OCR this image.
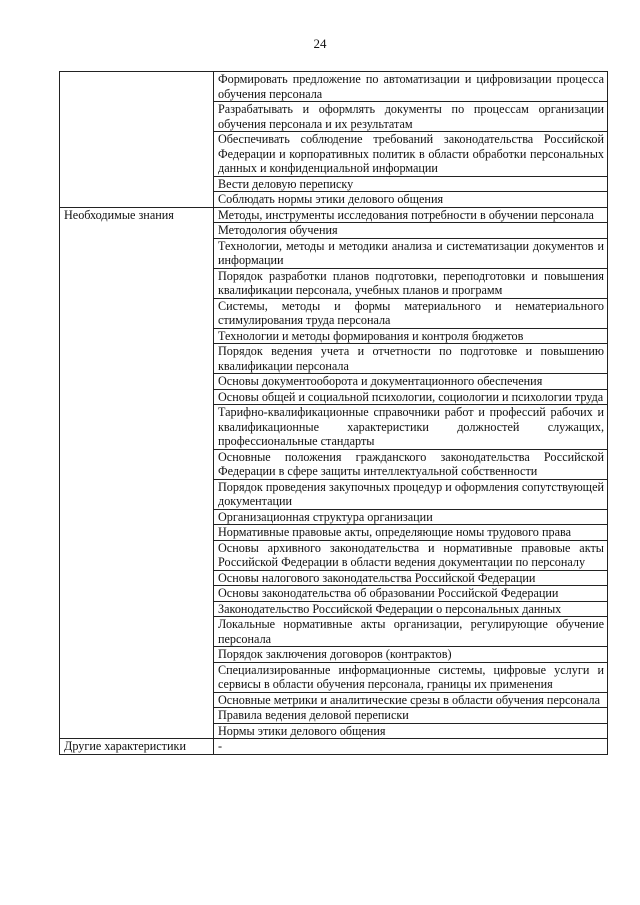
24
	Формировать предложение по автоматизации и цифровизации процесса обучения персонала
	Разрабатывать и оформлять документы по процессам организации обучения персонала и их результатам
	Обеспечивать соблюдение требований законодательства Российской Федерации и корпоративных политик в области обработки персональных данных и конфиденциальной информации
	Вести деловую переписку
	Соблюдать нормы этики делового общения
Необходимые знания	Методы, инструменты исследования потребности в обучении персонала
	Методология обучения
	Технологии, методы и методики анализа и систематизации документов и информации
	Порядок разработки планов подготовки, переподготовки и повышения квалификации персонала, учебных планов и программ
	Системы, методы и формы материального и нематериального стимулирования труда персонала
	Технологии и методы формирования и контроля бюджетов
	Порядок ведения учета и отчетности по подготовке и повышению квалификации персонала
	Основы документооборота и документационного обеспечения
	Основы общей и социальной психологии, социологии и психологии труда
	Тарифно-квалификационные справочники работ и профессий рабочих и квалификационные характеристики должностей служащих, профессиональные стандарты
	Основные положения гражданского законодательства Российской Федерации в сфере защиты интеллектуальной собственности
	Порядок проведения закупочных процедур и оформления сопутствующей документации
	Организационная структура организации
	Нормативные правовые акты, определяющие номы трудового права
	Основы архивного законодательства и нормативные правовые акты Российской Федерации в области ведения документации по персоналу
	Основы налогового законодательства Российской Федерации
	Основы законодательства об образовании Российской Федерации
	Законодательство Российской Федерации о персональных данных
	Локальные нормативные акты организации, регулирующие обучение персонала
	Порядок заключения договоров (контрактов)
	Специализированные информационные системы, цифровые услуги и сервисы в области обучения персонала, границы их применения
	Основные метрики и аналитические срезы в области обучения персонала
	Правила ведения деловой переписки
	Нормы этики делового общения
Другие характеристики	-
